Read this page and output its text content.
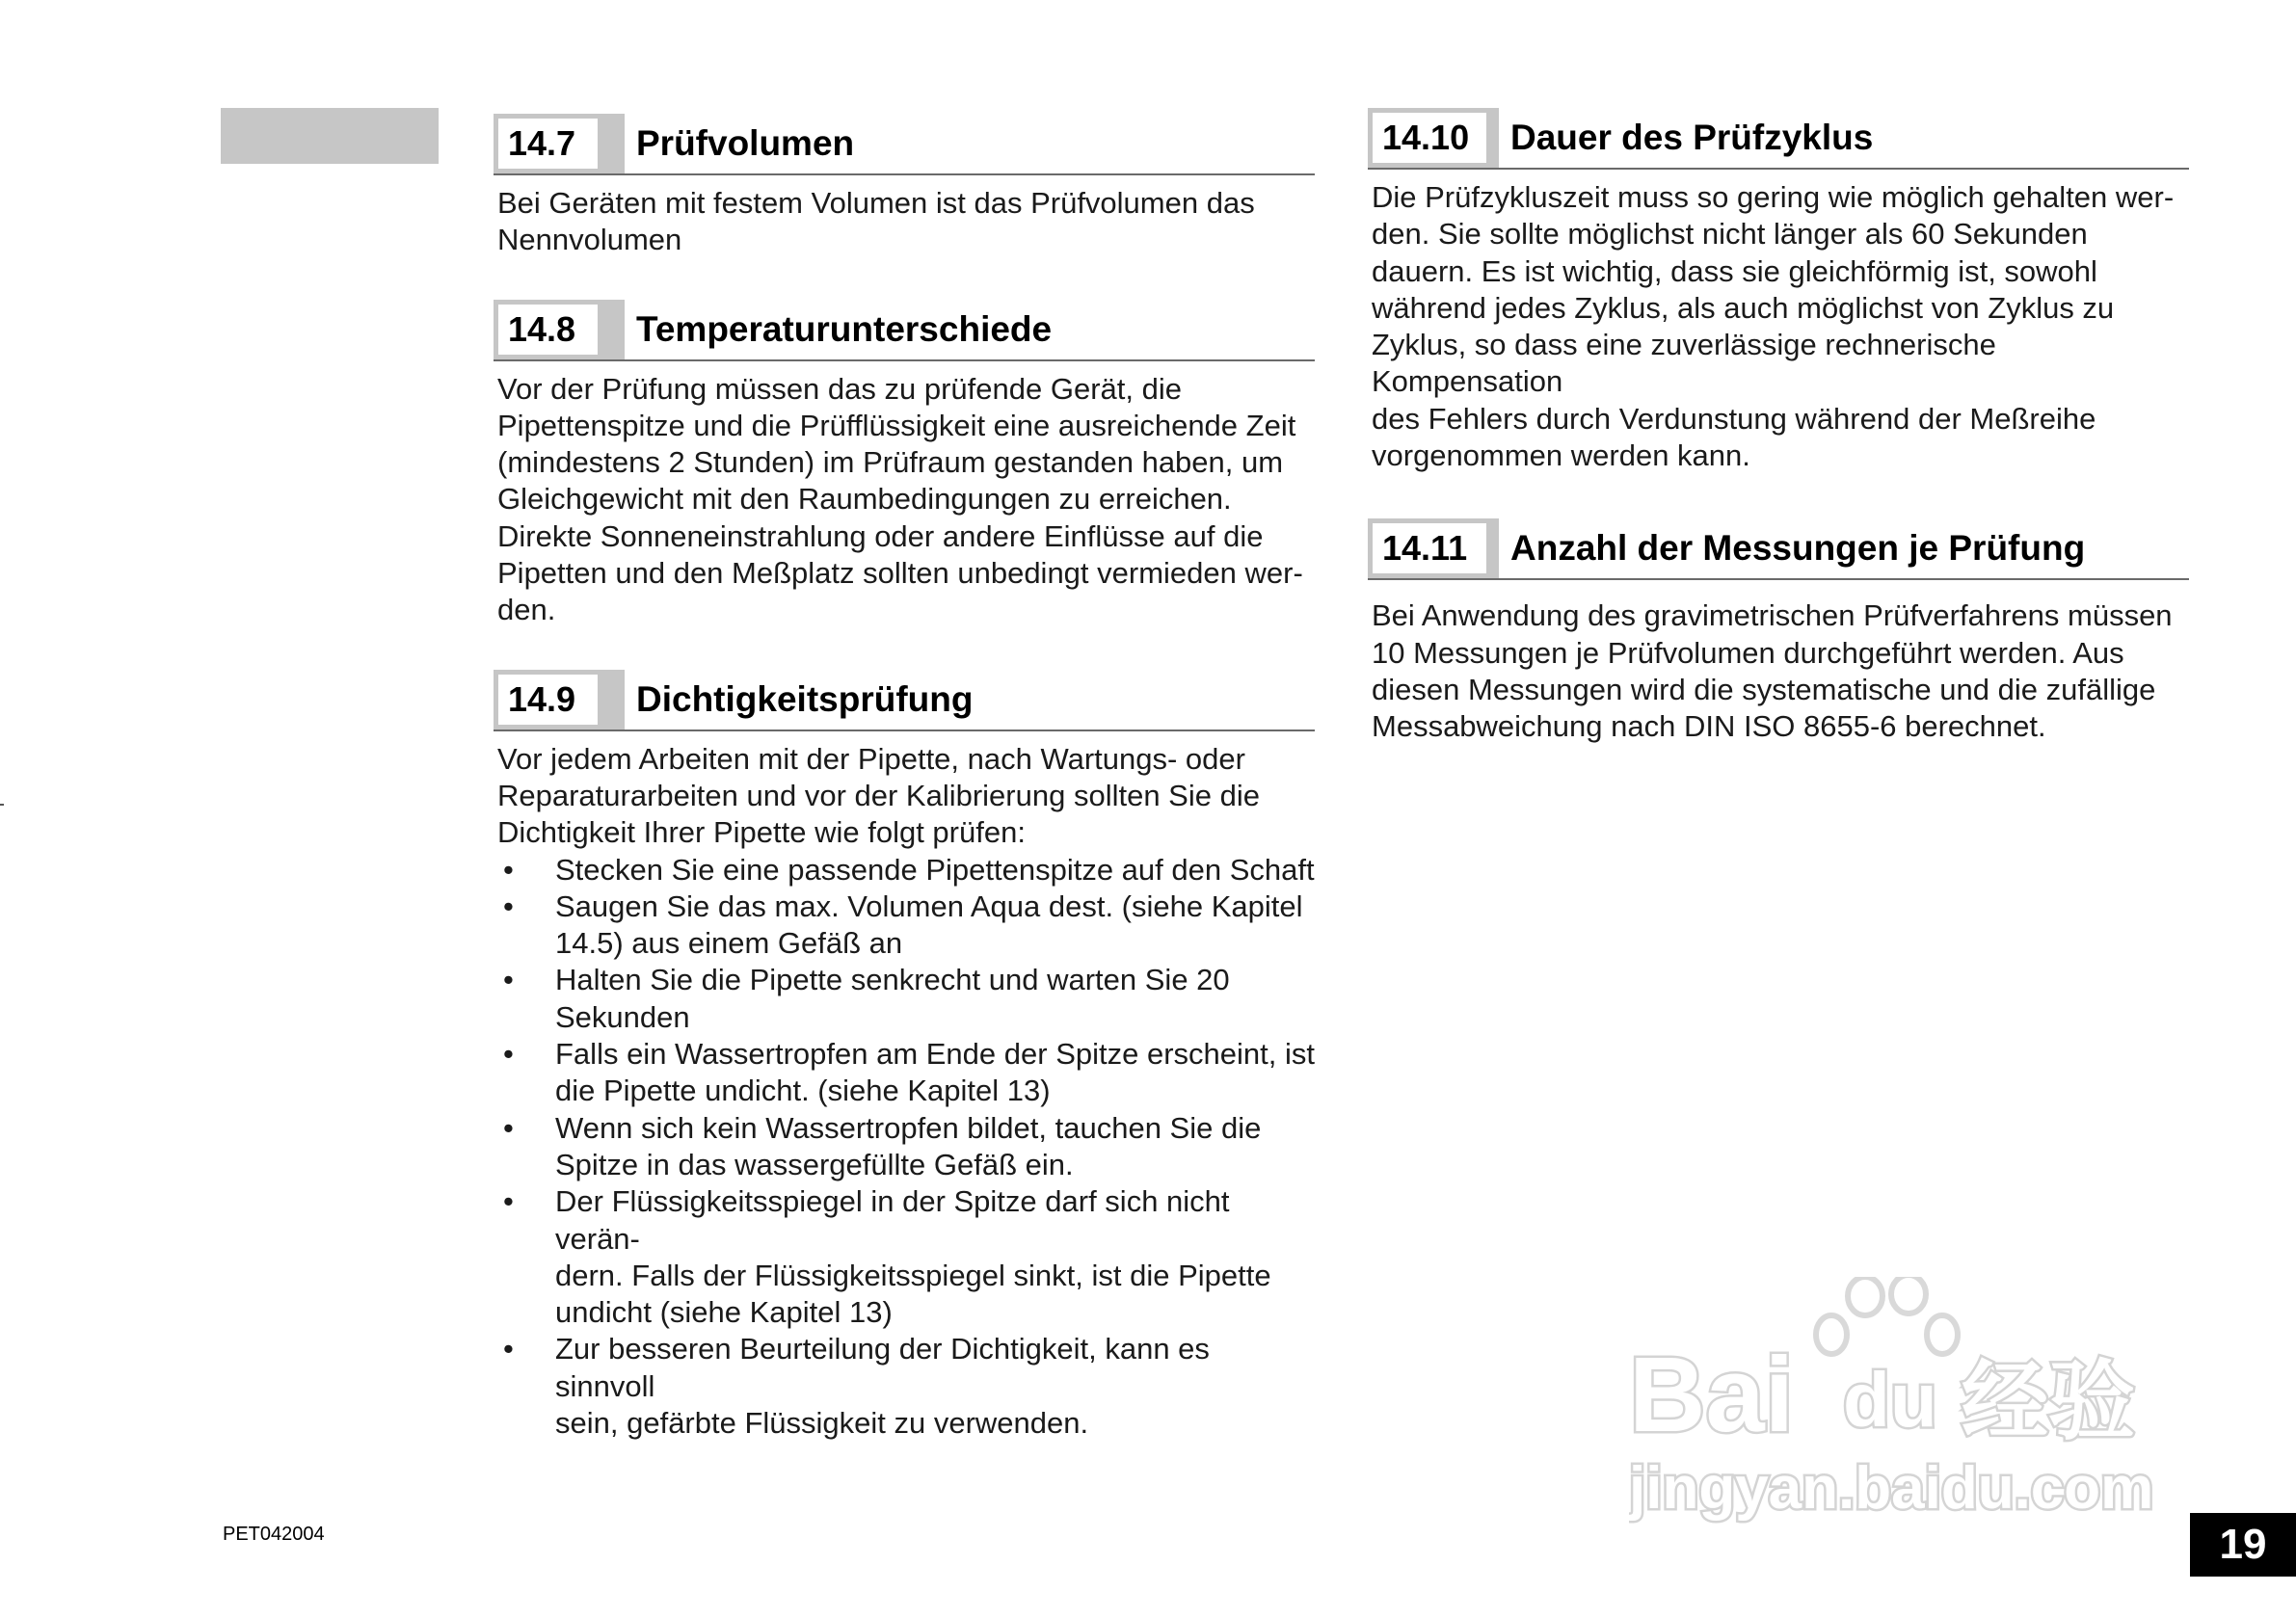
14.7	Prüfvolumen
Bei Geräten mit festem Volumen ist das Prüfvolumen das
Nennvolumen
14.8	Temperaturunterschiede
Vor der Prüfung müssen das zu prüfende Gerät, die
Pipettenspitze und die Prüfflüssigkeit eine ausreichende Zeit
(mindestens 2 Stunden) im Prüfraum gestanden haben, um
Gleichgewicht mit den Raumbedingungen zu erreichen.
Direkte Sonneneinstrahlung oder andere Einflüsse auf die
Pipetten und den Meßplatz sollten unbedingt vermieden wer-
den.
14.9	Dichtigkeitsprüfung
Vor jedem Arbeiten mit der Pipette, nach Wartungs- oder
Reparaturarbeiten und vor der Kalibrierung sollten Sie die
Dichtigkeit Ihrer Pipette wie folgt prüfen:
• Stecken Sie eine passende Pipettenspitze auf den Schaft
• Saugen Sie das max. Volumen Aqua dest. (siehe Kapitel
14.5) aus einem Gefäß an
• Halten Sie die Pipette senkrecht und warten Sie 20
Sekunden
• Falls ein Wassertropfen am Ende der Spitze erscheint, ist
die Pipette undicht. (siehe Kapitel 13)
• Wenn sich kein Wassertropfen bildet, tauchen Sie die
Spitze in das wassergefüllte Gefäß ein.
• Der Flüssigkeitsspiegel in der Spitze darf sich nicht verän-
dern. Falls der Flüssigkeitsspiegel sinkt, ist die Pipette
undicht (siehe Kapitel 13)
• Zur besseren Beurteilung der Dichtigkeit, kann es sinnvoll
sein, gefärbte Flüssigkeit zu verwenden.
14.10	Dauer des Prüfzyklus
Die Prüfzykluszeit muss so gering wie möglich gehalten wer-
den. Sie sollte möglichst nicht länger als 60 Sekunden
dauern. Es ist wichtig, dass sie gleichförmig ist, sowohl
während jedes Zyklus, als auch möglichst von Zyklus zu
Zyklus, so dass eine zuverlässige rechnerische Kompensation
des Fehlers durch Verdunstung während der Meßreihe
vorgenommen werden kann.
14.11	Anzahl der Messungen je Prüfung
Bei Anwendung des gravimetrischen Prüfverfahrens müssen
10 Messungen je Prüfvolumen durchgeführt werden. Aus
diesen Messungen wird die systematische und die zufällige
Messabweichung nach DIN ISO 8655-6 berechnet.
Bai du 经验
jingyan.baidu.com
PET042004	19
